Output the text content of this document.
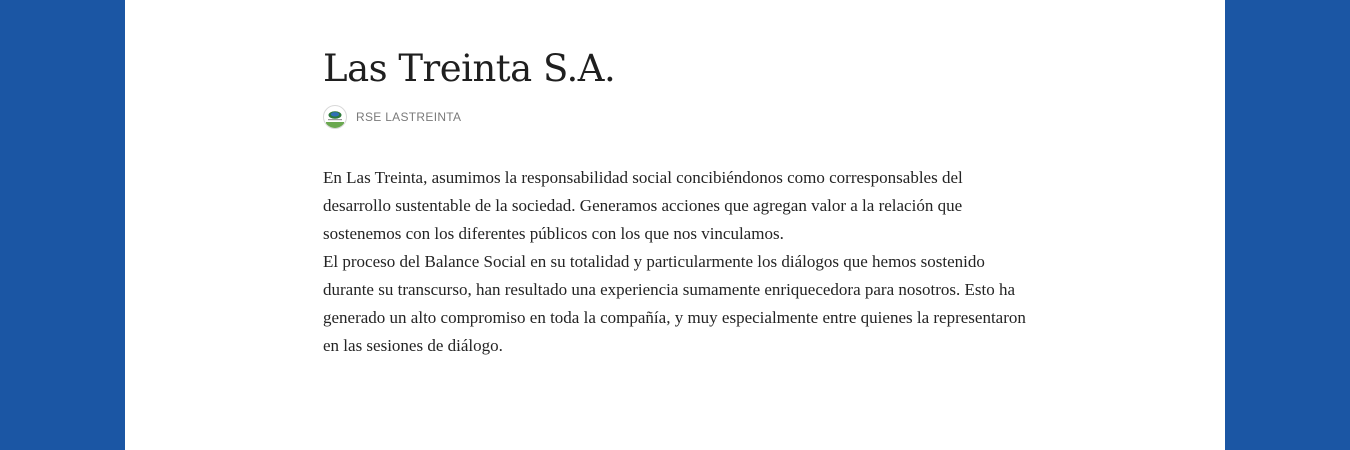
Las Treinta S.A.
RSE LASTREINTA

En Las Treinta, asumimos la responsabilidad social concibiéndonos como corresponsables del desarrollo sustentable de la sociedad. Generamos acciones que agregan valor a la relación que sostenemos con los diferentes públicos con los que nos vinculamos.

El proceso del Balance Social en su totalidad y particularmente los diálogos que hemos sostenido durante su transcurso, han resultado una experiencia sumamente enriquecedora para nosotros. Esto ha generado un alto compromiso en toda la compañía, y muy especialmente entre quienes la representaron en las sesiones de diálogo.
